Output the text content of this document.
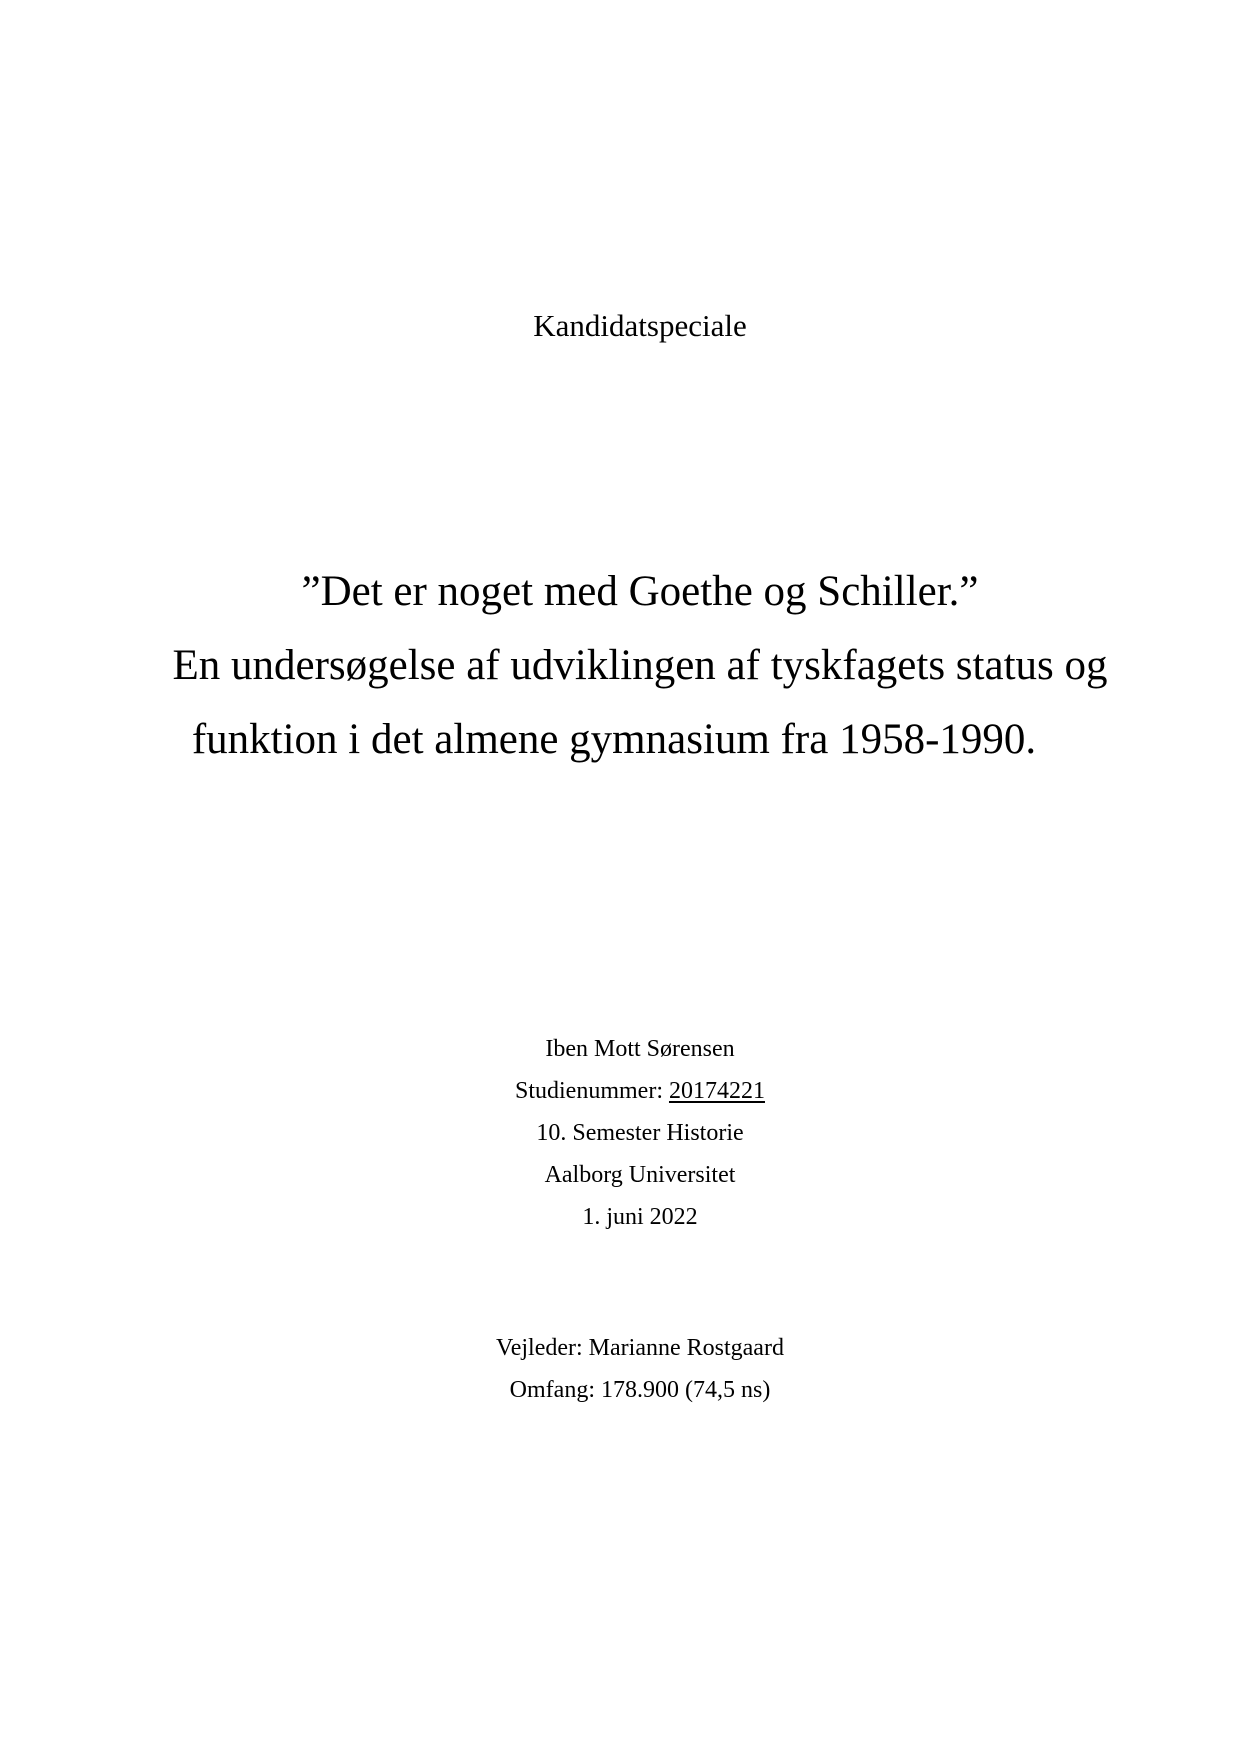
Kandidatspeciale
”Det er noget med Goethe og Schiller.”
En undersøgelse af udviklingen af tyskfagets status og
funktion i det almene gymnasium fra 1958-1990.
Iben Mott Sørensen
Studienummer: 20174221
10. Semester Historie
Aalborg Universitet
1. juni 2022
Vejleder: Marianne Rostgaard
Omfang: 178.900 (74,5 ns)
